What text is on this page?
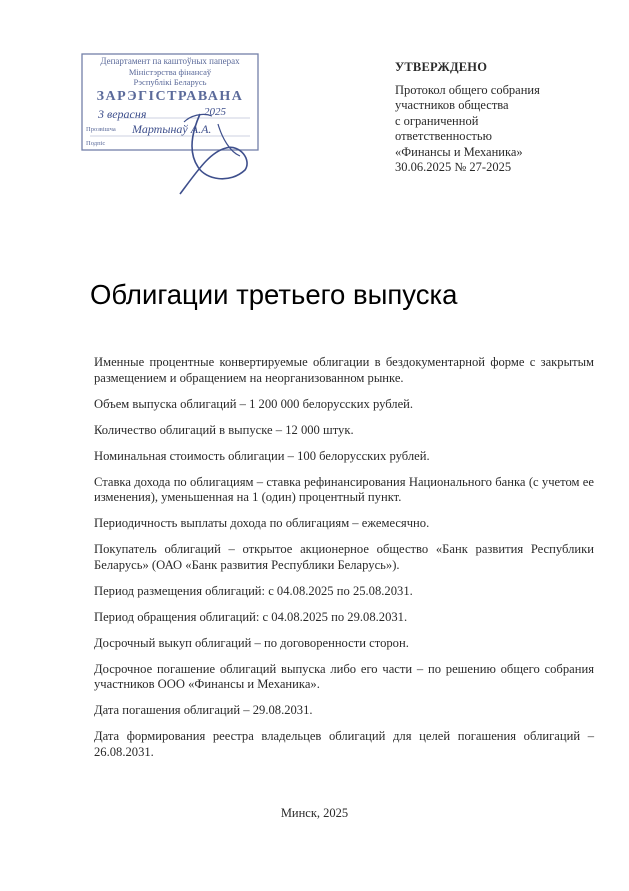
Департамент па каштоўных паперах
Міністэрства фінансаў
Рэспублікі Беларусь
ЗАРЭГІСТРАВАНА
3 верасня	2025
Прозвішча Мартынаў А.А.
Подпіс
УТВЕРЖДЕНО
Протокол общего собрания
участников общества
с ограниченной
ответственностью
«Финансы и Механика»
30.06.2025 № 27-2025
Облигации третьего выпуска

Именные процентные конвертируемые облигации в бездокументарной форме с закрытым размещением и обращением на неорганизованном рынке.

Объем выпуска облигаций – 1 200 000 белорусских рублей.

Количество облигаций в выпуске – 12 000 штук.

Номинальная стоимость облигации – 100 белорусских рублей.

Ставка дохода по облигациям – ставка рефинансирования Национального банка (с учетом ее изменения), уменьшенная на 1 (один) процентный пункт.

Периодичность выплаты дохода по облигациям – ежемесячно.

Покупатель облигаций – открытое акционерное общество «Банк развития Республики Беларусь» (ОАО «Банк развития Республики Беларусь»).

Период размещения облигаций: с 04.08.2025 по 25.08.2031.

Период обращения облигаций: с 04.08.2025 по 29.08.2031.

Досрочный выкуп облигаций – по договоренности сторон.

Досрочное погашение облигаций выпуска либо его части – по решению общего собрания участников ООО «Финансы и Механика».

Дата погашения облигаций – 29.08.2031.

Дата формирования реестра владельцев облигаций для целей погашения облигаций – 26.08.2031.

Минск, 2025
